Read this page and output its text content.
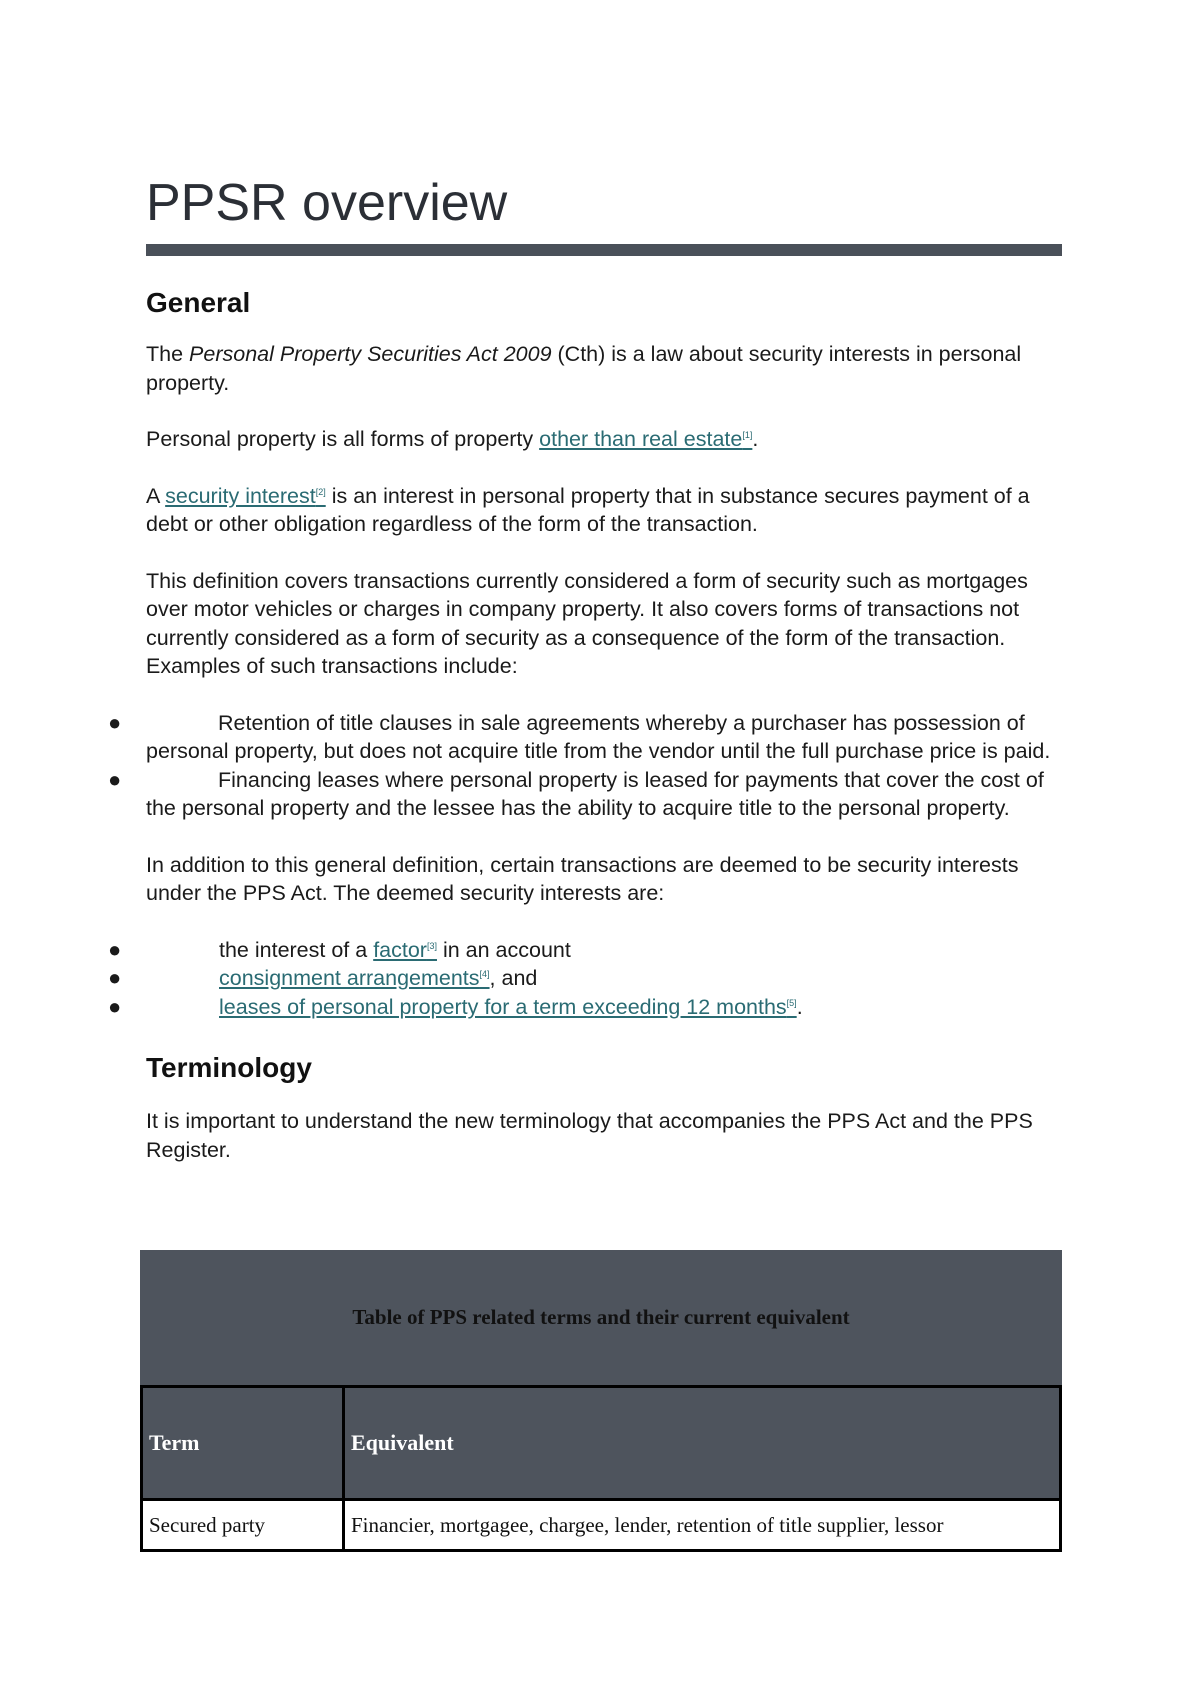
PPSR overview
General

The Personal Property Securities Act 2009 (Cth) is a law about security interests in personal property.

Personal property is all forms of property other than real estate[1].

A security interest[2] is an interest in personal property that in substance secures payment of a debt or other obligation regardless of the form of the transaction.

This definition covers transactions currently considered a form of security such as mortgages over motor vehicles or charges in company property. It also covers forms of transactions not currently considered as a form of security as a consequence of the form of the transaction. Examples of such transactions include:

●	Retention of title clauses in sale agreements whereby a purchaser has possession of personal property, but does not acquire title from the vendor until the full purchase price is paid.
●	Financing leases where personal property is leased for payments that cover the cost of the personal property and the lessee has the ability to acquire title to the personal property.

In addition to this general definition, certain transactions are deemed to be security interests under the PPS Act. The deemed security interests are:

●	the interest of a factor[3] in an account
●	consignment arrangements[4], and
●	leases of personal property for a term exceeding 12 months[5].
Terminology

It is important to understand the new terminology that accompanies the PPS Act and the PPS Register.

Table of PPS related terms and their current equivalent
Term	Equivalent
Secured party	Financier, mortgagee, chargee, lender, retention of title supplier, lessor
